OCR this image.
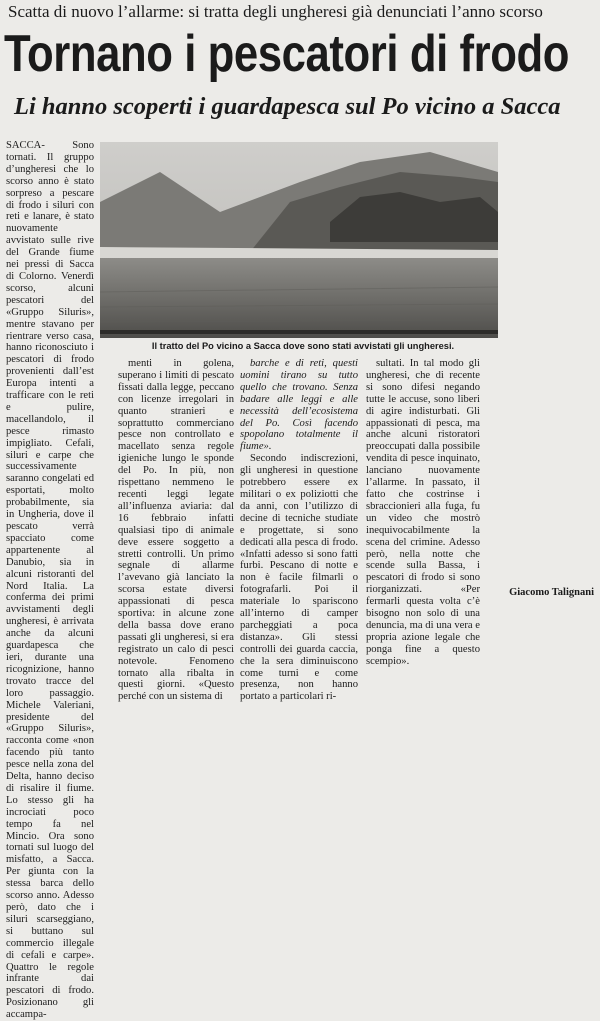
Scatta di nuovo l’allarme: si tratta degli ungheresi già denunciati l’anno scorso
Tornano i pescatori di frodo
Li hanno scoperti i guardapesca sul Po vicino a Sacca

SACCA- Sono tornati. Il gruppo d’ungheresi che lo scorso anno è stato sorpreso a pescare di frodo i siluri con reti e lanare, è stato nuovamente avvistato sulle rive del Grande fiume nei pressi di Sacca di Colorno. Venerdì scorso, alcuni pescatori del «Gruppo Siluris», mentre stavano per rientrare verso casa, hanno riconosciuto i pescatori di frodo provenienti dall’est Europa intenti a trafficare con le reti e pulire, macellandolo, il pesce rimasto impigliato. Cefali, siluri e carpe che successivamente saranno congelati ed esportati, molto probabilmente, sia in Ungheria, dove il pescato verrà spacciato come appartenente al Danubio, sia in alcuni ristoranti del Nord Italia. La conferma dei primi avvistamenti degli ungheresi, è arrivata anche da alcuni guardapesca che ieri, durante una ricognizione, hanno trovato tracce del loro passaggio. Michele Valeriani, presidente del «Gruppo Siluris», racconta come «non facendo più tanto pesce nella zona del Delta, hanno deciso di risalire il fiume. Lo stesso gli ha incrociati poco tempo fa nel Mincio. Ora sono tornati sul luogo del misfatto, a Sacca. Per giunta con la stessa barca dello scorso anno. Adesso però, dato che i siluri scarseggiano, si buttano sul commercio illegale di cefali e carpe». Quattro le regole infrante dai pescatori di frodo. Posizionano gli accampa-

Il tratto del Po vicino a Sacca dove sono stati avvistati gli ungheresi.

menti in golena, superano i limiti di pescato fissati dalla legge, peccano con licenze irregolari in quanto stranieri e soprattutto commerciano pesce non controllato e macellato senza regole igieniche lungo le sponde del Po. In più, non rispettano nemmeno le recenti leggi legate all’influenza aviaria: dal 16 febbraio infatti qualsiasi tipo di animale deve essere soggetto a stretti controlli. Un primo segnale di allarme l’avevano già lanciato la scorsa estate diversi appassionati di pesca sportiva: in alcune zone della bassa dove erano passati gli ungheresi, si era registrato un calo di pesci notevole. Fenomeno tornato alla ribalta in questi giorni. «Questo perché con un sistema di

barche e di reti, questi uomini tirano su tutto quello che trovano. Senza badare alle leggi e alle necessità dell’ecosistema del Po. Così facendo spopolano totalmente il fiume».

Secondo indiscrezioni, gli ungheresi in questione potrebbero essere ex militari o ex poliziotti che da anni, con l’utilizzo di decine di tecniche studiate e progettate, si sono dedicati alla pesca di frodo. «Infatti adesso si sono fatti furbi. Pescano di notte e non è facile filmarli o fotografarli. Poi il materiale lo spariscono all’interno di camper parcheggiati a poca distanza». Gli stessi controlli dei guarda caccia, che la sera diminuiscono come turni e come presenza, non hanno portato a particolari ri-

sultati. In tal modo gli ungheresi, che di recente si sono difesi negando tutte le accuse, sono liberi di agire indisturbati. Gli appassionati di pesca, ma anche alcuni ristoratori preoccupati dalla possibile vendita di pesce inquinato, lanciano nuovamente l’allarme. In passato, il fatto che costrinse i sbraccionieri alla fuga, fu un video che mostrò inequivocabilmente la scena del crimine. Adesso però, nella notte che scende sulla Bassa, i pescatori di frodo si sono riorganizzati. «Per fermarli questa volta c’è bisogno non solo di una denuncia, ma di una vera e propria azione legale che ponga fine a questo scempio».

Giacomo Talignani
